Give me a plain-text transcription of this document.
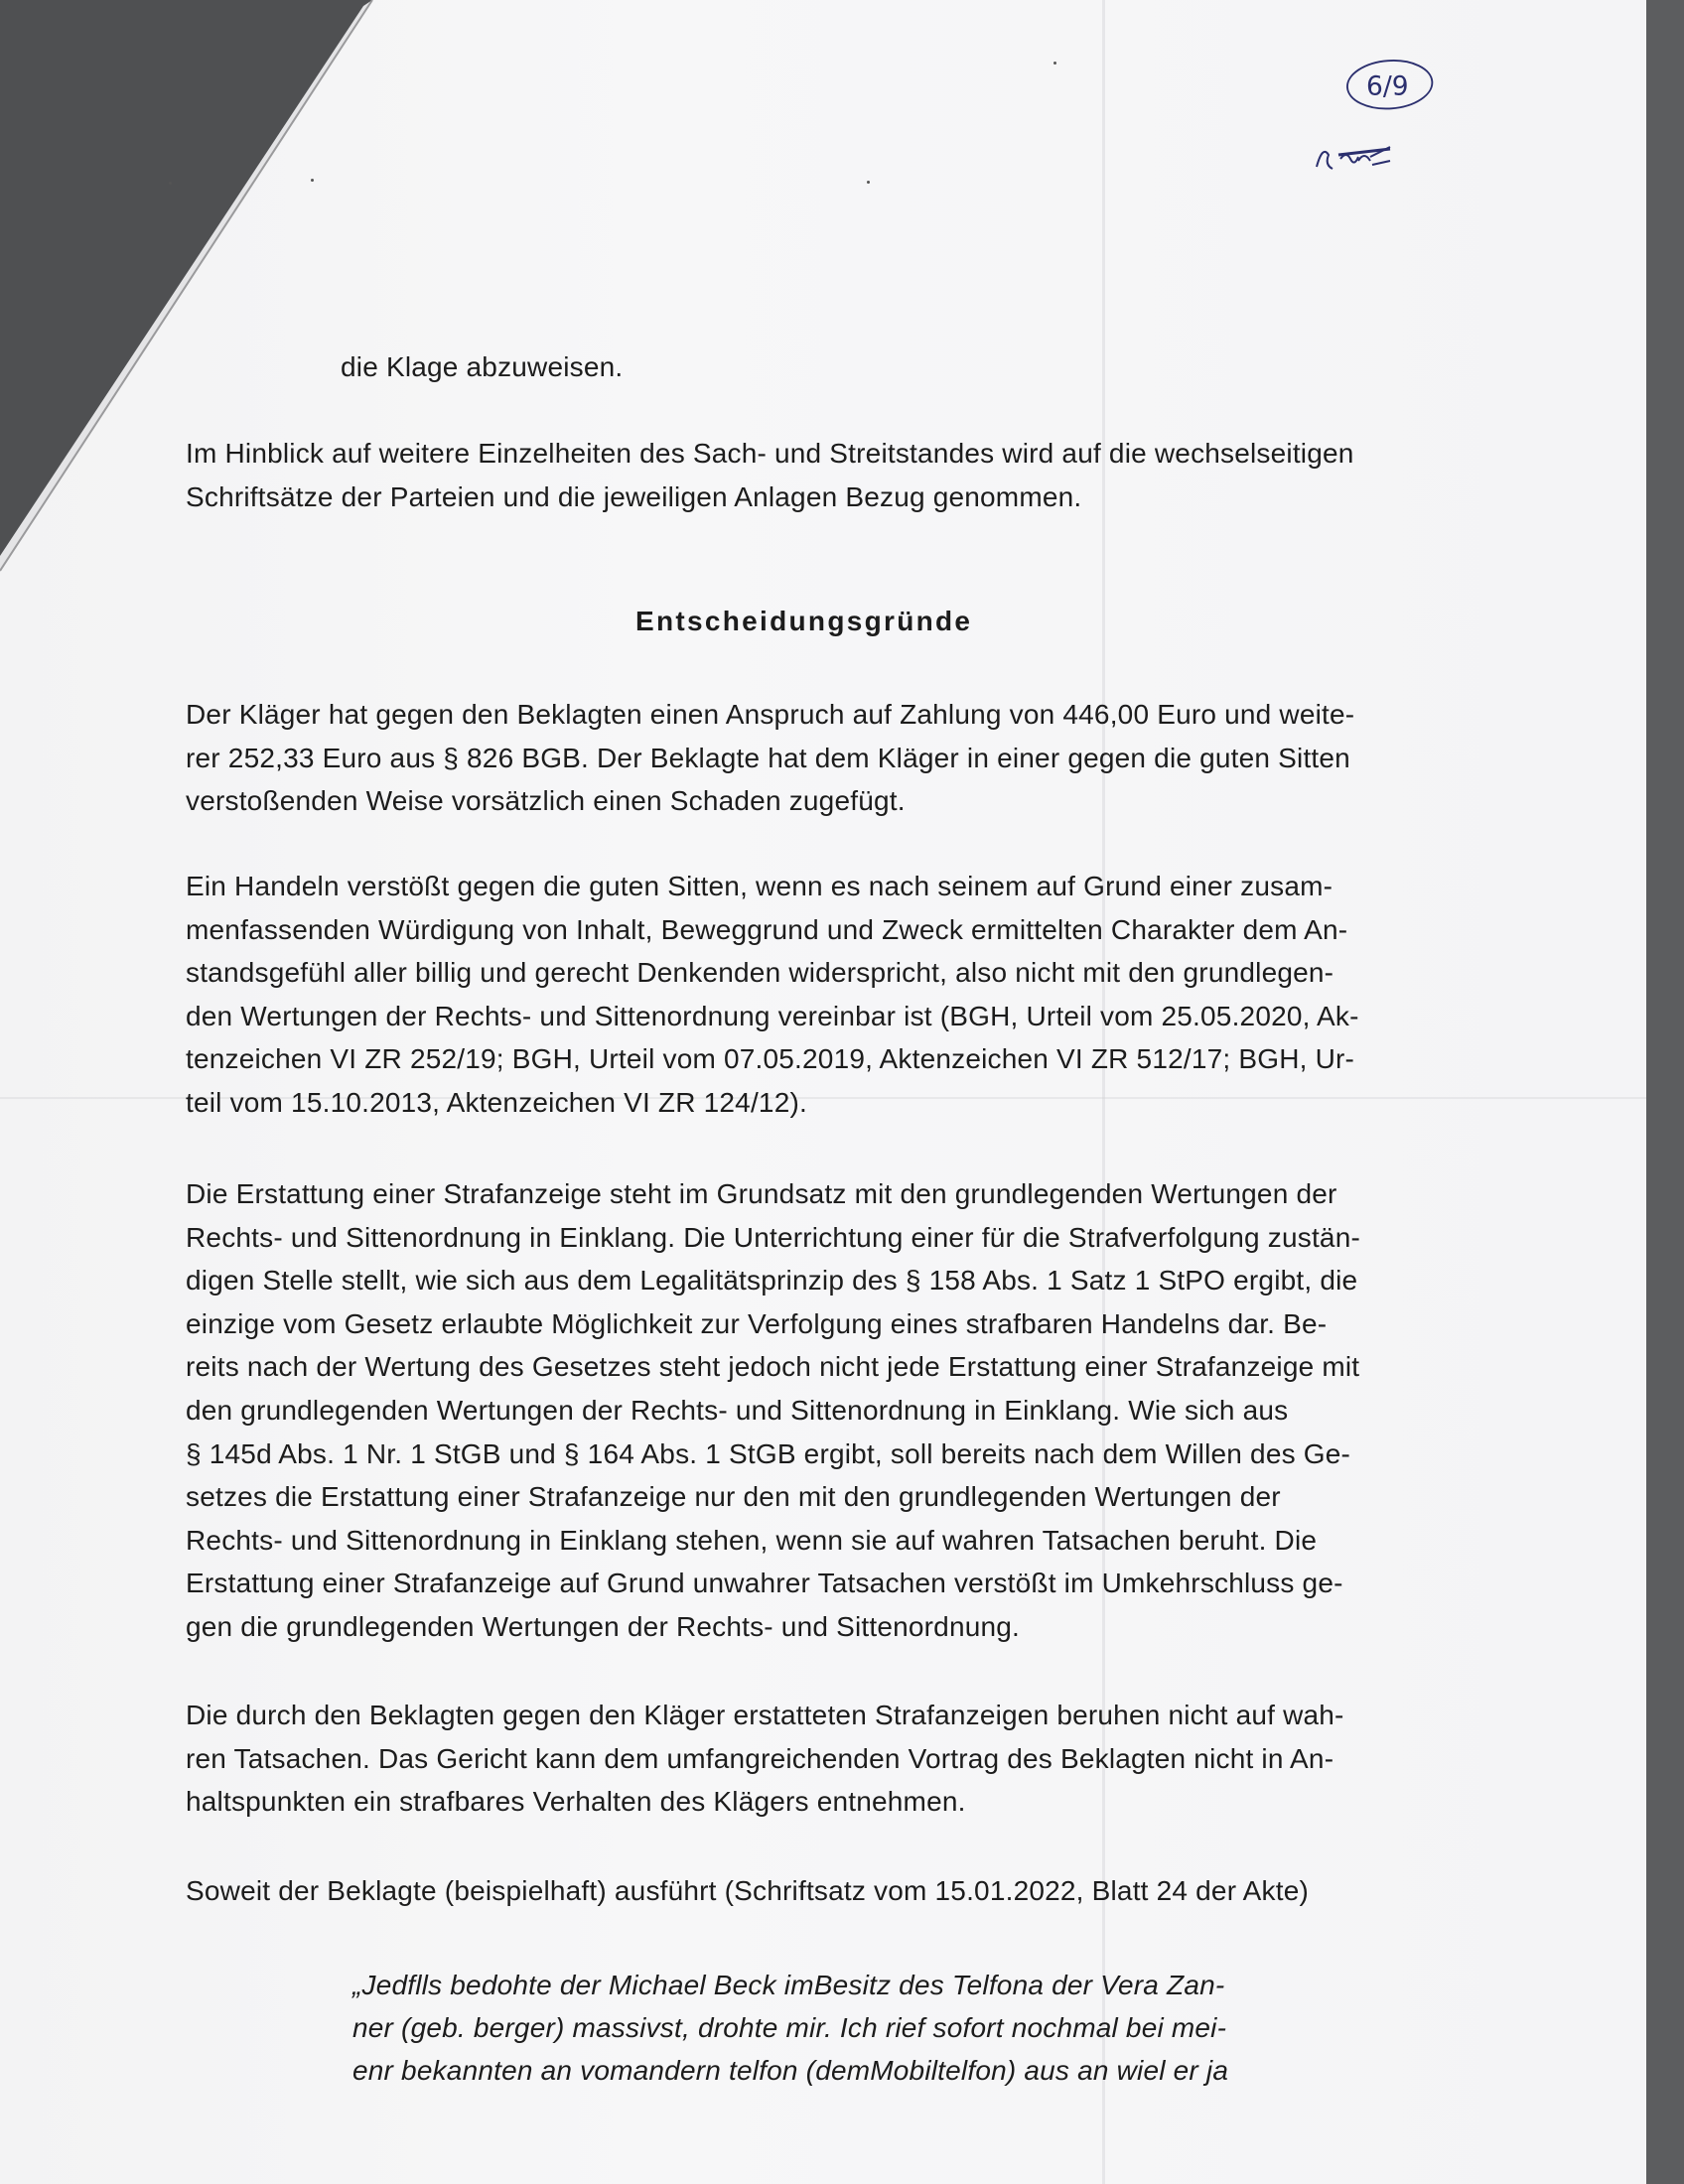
6/9

die Klage abzuweisen.

Im Hinblick auf weitere Einzelheiten des Sach- und Streitstandes wird auf die wechselseitigen
Schriftsätze der Parteien und die jeweiligen Anlagen Bezug genommen.

Entscheidungsgründe

Der Kläger hat gegen den Beklagten einen Anspruch auf Zahlung von 446,00 Euro und weite-
rer 252,33 Euro aus § 826 BGB. Der Beklagte hat dem Kläger in einer gegen die guten Sitten
verstoßenden Weise vorsätzlich einen Schaden zugefügt.

Ein Handeln verstößt gegen die guten Sitten, wenn es nach seinem auf Grund einer zusam-
menfassenden Würdigung von Inhalt, Beweggrund und Zweck ermittelten Charakter dem An-
standsgefühl aller billig und gerecht Denkenden widerspricht, also nicht mit den grundlegen-
den Wertungen der Rechts- und Sittenordnung vereinbar ist (BGH, Urteil vom 25.05.2020, Ak-
tenzeichen VI ZR 252/19; BGH, Urteil vom 07.05.2019, Aktenzeichen VI ZR 512/17; BGH, Ur-
teil vom 15.10.2013, Aktenzeichen VI ZR 124/12).

Die Erstattung einer Strafanzeige steht im Grundsatz mit den grundlegenden Wertungen der
Rechts- und Sittenordnung in Einklang. Die Unterrichtung einer für die Strafverfolgung zustän-
digen Stelle stellt, wie sich aus dem Legalitätsprinzip des § 158 Abs. 1 Satz 1 StPO ergibt, die
einzige vom Gesetz erlaubte Möglichkeit zur Verfolgung eines strafbaren Handelns dar. Be-
reits nach der Wertung des Gesetzes steht jedoch nicht jede Erstattung einer Strafanzeige mit
den grundlegenden Wertungen der Rechts- und Sittenordnung in Einklang. Wie sich aus
§ 145d Abs. 1 Nr. 1 StGB und § 164 Abs. 1 StGB ergibt, soll bereits nach dem Willen des Ge-
setzes die Erstattung einer Strafanzeige nur den mit den grundlegenden Wertungen der
Rechts- und Sittenordnung in Einklang stehen, wenn sie auf wahren Tatsachen beruht. Die
Erstattung einer Strafanzeige auf Grund unwahrer Tatsachen verstößt im Umkehrschluss ge-
gen die grundlegenden Wertungen der Rechts- und Sittenordnung.

Die durch den Beklagten gegen den Kläger erstatteten Strafanzeigen beruhen nicht auf wah-
ren Tatsachen. Das Gericht kann dem umfangreichenden Vortrag des Beklagten nicht in An-
haltspunkten ein strafbares Verhalten des Klägers entnehmen.

Soweit der Beklagte (beispielhaft) ausführt (Schriftsatz vom 15.01.2022, Blatt 24 der Akte)

„Jedflls bedohte der Michael Beck imBesitz des Telfona der Vera Zan-
ner (geb. berger) massivst, drohte mir. Ich rief sofort nochmal bei mei-
enr bekannten an vomandern telfon (demMobiltelfon) aus an wiel er ja
